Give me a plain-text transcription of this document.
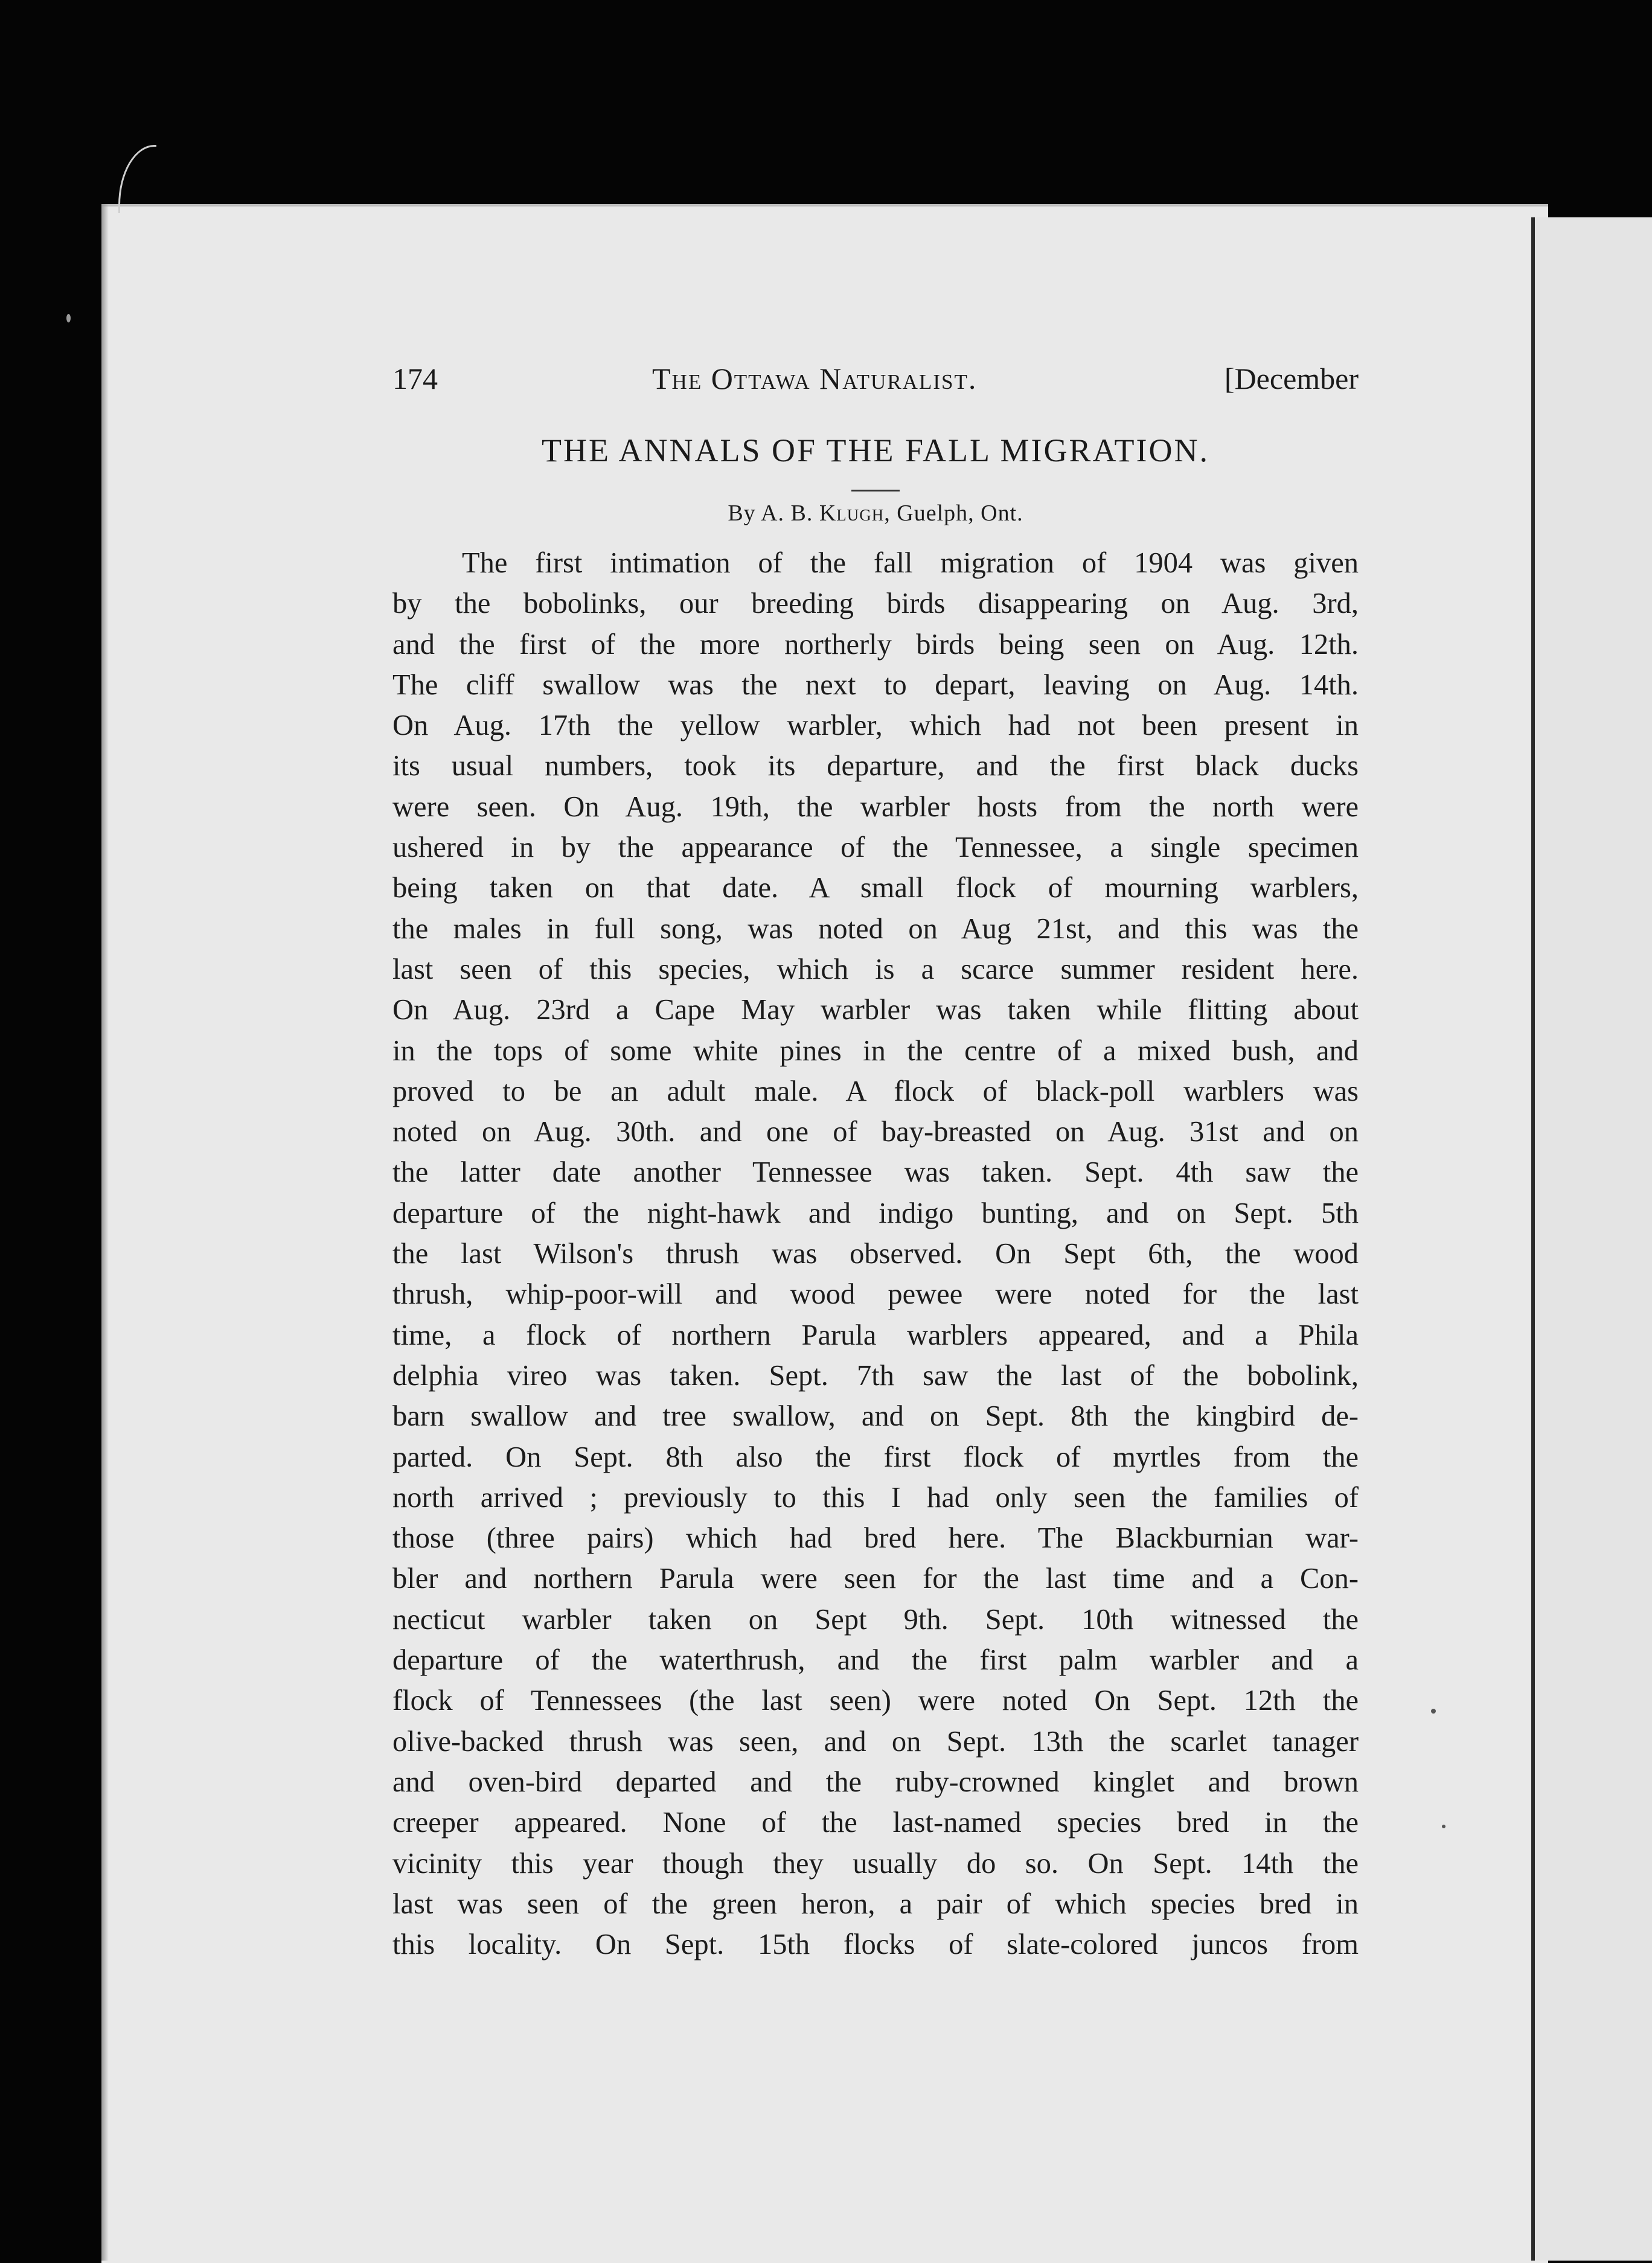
174	The Ottawa Naturalist.	[December
THE ANNALS OF THE FALL MIGRATION.
By A. B. Klugh, Guelph, Ont.
The first intimation of the fall migration of 1904 was given
by the bobolinks, our breeding birds disappearing on Aug. 3rd,
and the first of the more northerly birds being seen on Aug. 12th.
The cliff swallow was the next to depart, leaving on Aug. 14th.
On Aug. 17th the yellow warbler, which had not been present in
its usual numbers, took its departure, and the first black ducks
were seen. On Aug. 19th, the warbler hosts from the north were
ushered in by the appearance of the Tennessee, a single specimen
being taken on that date. A small flock of mourning warblers,
the males in full song, was noted on Aug 21st, and this was the
last seen of this species, which is a scarce summer resident here.
On Aug. 23rd a Cape May warbler was taken while flitting about
in the tops of some white pines in the centre of a mixed bush, and
proved to be an adult male. A flock of black-poll warblers was
noted on Aug. 30th. and one of bay-breasted on Aug. 31st and on
the latter date another Tennessee was taken. Sept. 4th saw the
departure of the night-hawk and indigo bunting, and on Sept. 5th
the last Wilson's thrush was observed. On Sept 6th, the wood
thrush, whip-poor-will and wood pewee were noted for the last
time, a flock of northern Parula warblers appeared, and a Phila
delphia vireo was taken. Sept. 7th saw the last of the bobolink,
barn swallow and tree swallow, and on Sept. 8th the kingbird de-
parted. On Sept. 8th also the first flock of myrtles from the
north arrived ; previously to this I had only seen the families of
those (three pairs) which had bred here. The Blackburnian war-
bler and northern Parula were seen for the last time and a Con-
necticut warbler taken on Sept 9th. Sept. 10th witnessed the
departure of the waterthrush, and the first palm warbler and a
flock of Tennessees (the last seen) were noted On Sept. 12th the
olive-backed thrush was seen, and on Sept. 13th the scarlet tanager
and oven-bird departed and the ruby-crowned kinglet and brown
creeper appeared. None of the last-named species bred in the
vicinity this year though they usually do so. On Sept. 14th the
last was seen of the green heron, a pair of which species bred in
this locality. On Sept. 15th flocks of slate-colored juncos from
